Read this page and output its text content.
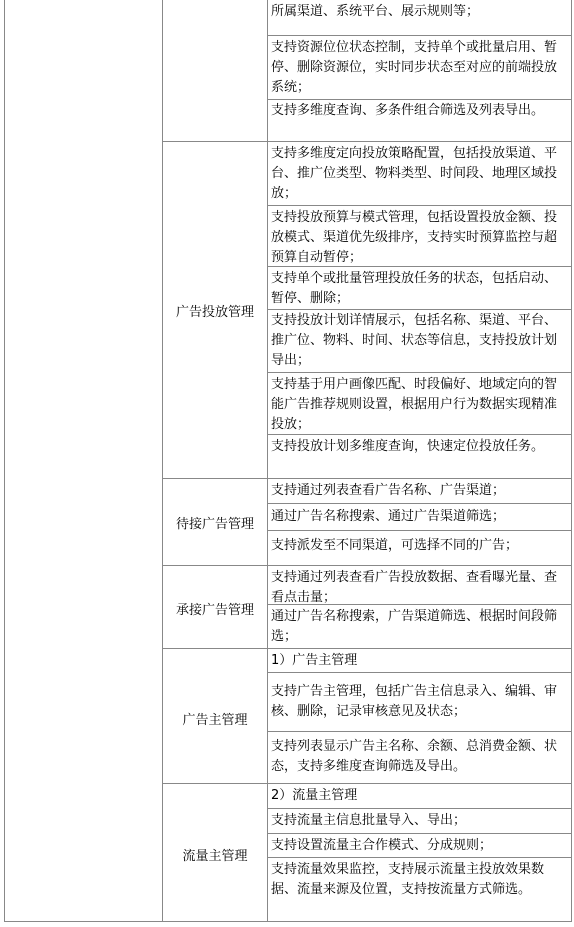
广告投放管理
待接广告管理
承接广告管理
广告主管理
流量主管理
所属渠道、系统平台、展示规则等；
支持资源位位状态控制，支持单个或批量启用、暂停、删除资源位，实时同步状态至对应的前端投放系统；
支持多维度查询、多条件组合筛选及列表导出。
支持多维度定向投放策略配置，包括投放渠道、平台、推广位类型、物料类型、时间段、地理区域投放；
支持投放预算与模式管理，包括设置投放金额、投放模式、渠道优先级排序，支持实时预算监控与超预算自动暂停；
支持单个或批量管理投放任务的状态，包括启动、暂停、删除；
支持投放计划详情展示，包括名称、渠道、平台、推广位、物料、时间、状态等信息，支持投放计划导出；
支持基于用户画像匹配、时段偏好、地域定向的智能广告推荐规则设置，根据用户行为数据实现精准投放；
支持投放计划多维度查询，快速定位投放任务。
支持通过列表查看广告名称、广告渠道；
通过广告名称搜索、通过广告渠道筛选；
支持派发至不同渠道，可选择不同的广告；
支持通过列表查看广告投放数据、查看曝光量、查看点击量；
通过广告名称搜索，广告渠道筛选、根据时间段筛选；
1）广告主管理
支持广告主管理，包括广告主信息录入、编辑、审核、删除，记录审核意见及状态；
支持列表显示广告主名称、余额、总消费金额、状态，支持多维度查询筛选及导出。
2）流量主管理
支持流量主信息批量导入、导出；
支持设置流量主合作模式、分成规则；
支持流量效果监控，支持展示流量主投放效果数据、流量来源及位置，支持按流量方式筛选。
